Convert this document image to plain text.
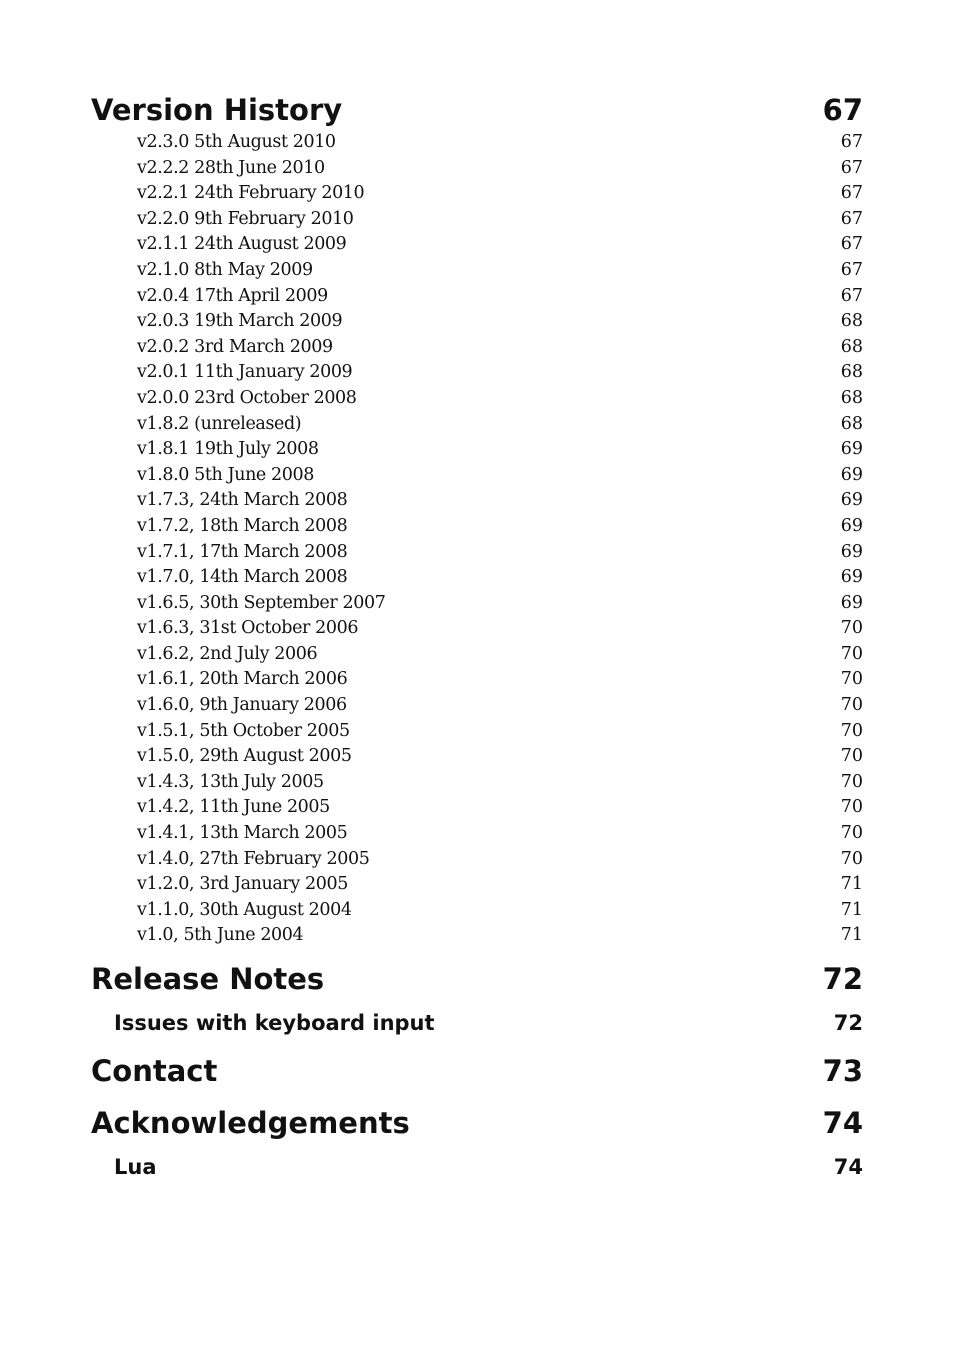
Version History	67
v2.3.0 5th August 2010	67
v2.2.2 28th June 2010	67
v2.2.1 24th February 2010	67
v2.2.0 9th February 2010	67
v2.1.1 24th August 2009	67
v2.1.0 8th May 2009	67
v2.0.4 17th April 2009	67
v2.0.3 19th March 2009	68
v2.0.2 3rd March 2009	68
v2.0.1 11th January 2009	68
v2.0.0 23rd October 2008	68
v1.8.2 (unreleased)	68
v1.8.1 19th July 2008	69
v1.8.0 5th June 2008	69
v1.7.3, 24th March 2008	69
v1.7.2, 18th March 2008	69
v1.7.1, 17th March 2008	69
v1.7.0, 14th March 2008	69
v1.6.5, 30th September 2007	69
v1.6.3, 31st October 2006	70
v1.6.2, 2nd July 2006	70
v1.6.1, 20th March 2006	70
v1.6.0, 9th January 2006	70
v1.5.1, 5th October 2005	70
v1.5.0, 29th August 2005	70
v1.4.3, 13th July 2005	70
v1.4.2, 11th June 2005	70
v1.4.1, 13th March 2005	70
v1.4.0, 27th February 2005	70
v1.2.0, 3rd January 2005	71
v1.1.0, 30th August 2004	71
v1.0, 5th June 2004	71
Release Notes	72
Issues with keyboard input	72
Contact	73
Acknowledgements	74
Lua	74
